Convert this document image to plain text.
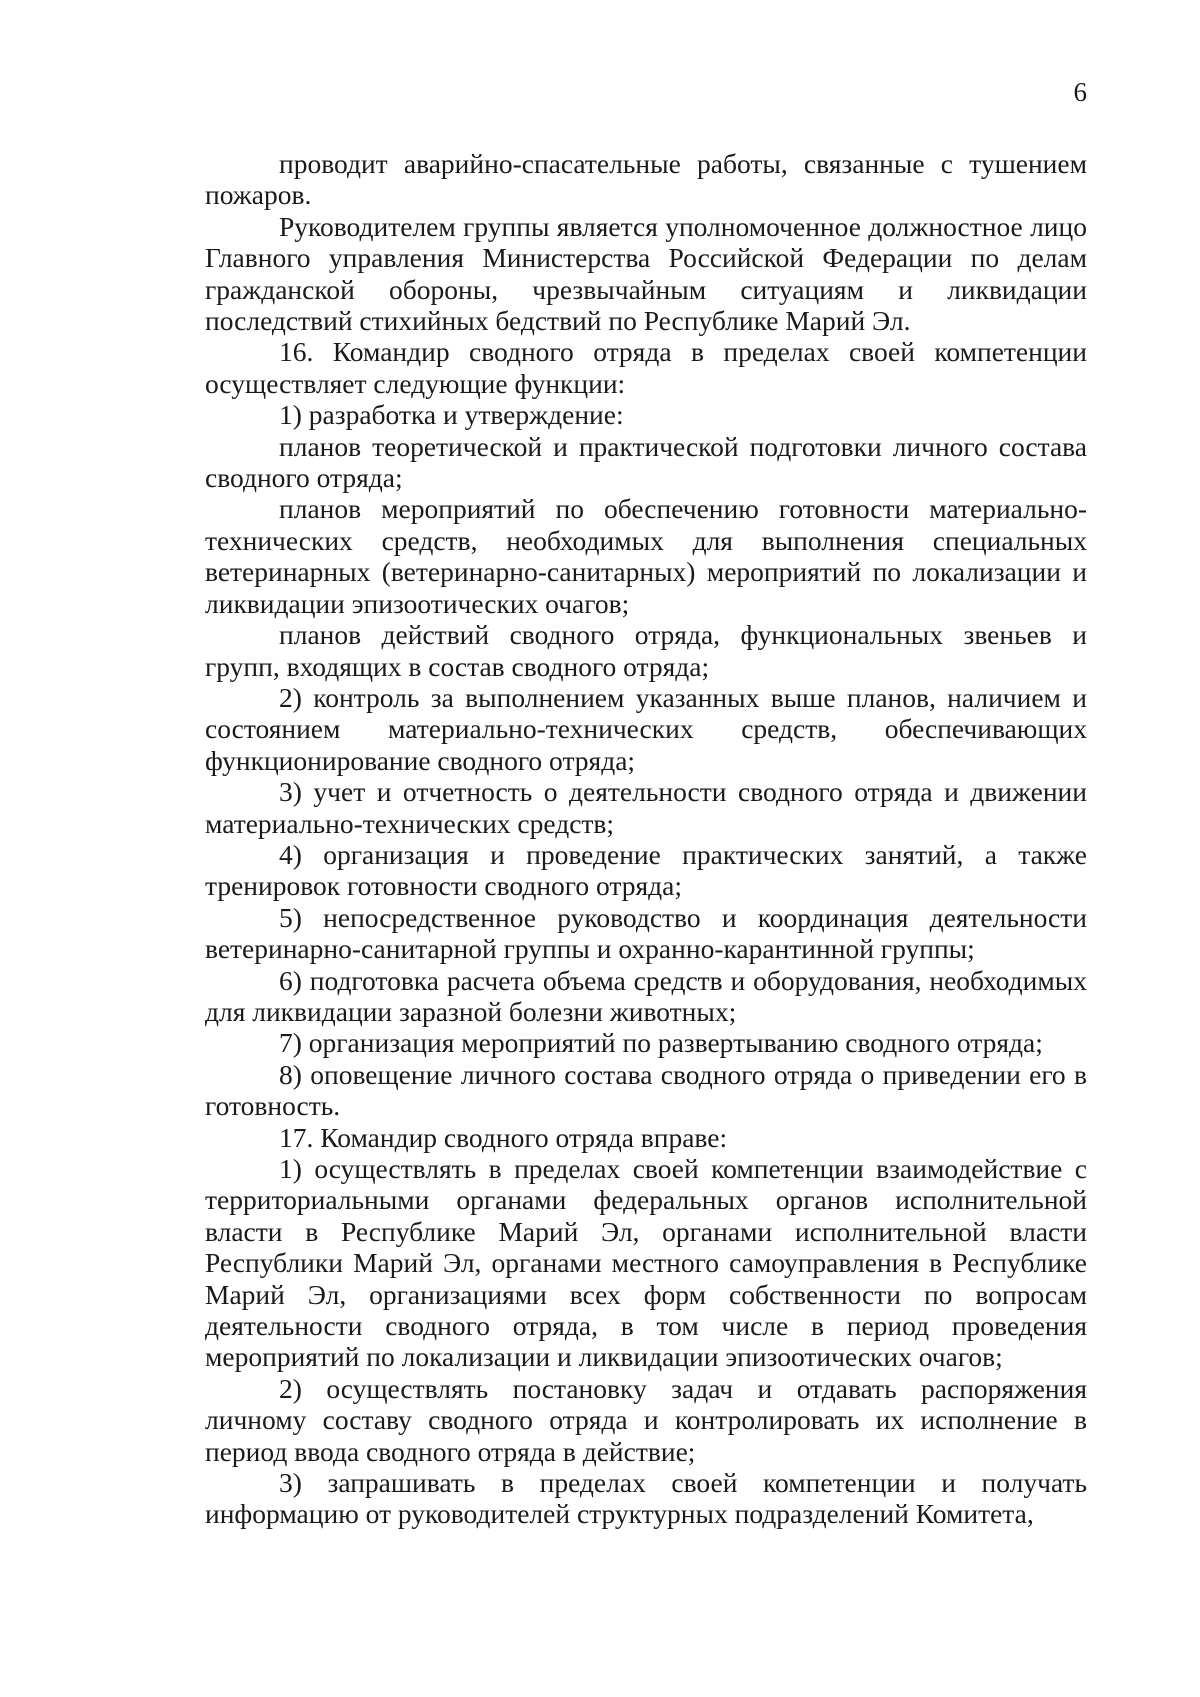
6

проводит аварийно-спасательные работы, связанные с тушением пожаров.

Руководителем группы является уполномоченное должностное лицо Главного управления Министерства Российской Федерации по делам гражданской обороны, чрезвычайным ситуациям и ликвидации последствий стихийных бедствий по Республике Марий Эл.

16. Командир сводного отряда в пределах своей компетенции осуществляет следующие функции:

1) разработка и утверждение:

планов теоретической и практической подготовки личного состава сводного отряда;

планов мероприятий по обеспечению готовности материально-технических средств, необходимых для выполнения специальных ветеринарных (ветеринарно-санитарных) мероприятий по локализации и ликвидации эпизоотических очагов;

планов действий сводного отряда, функциональных звеньев и групп, входящих в состав сводного отряда;

2) контроль за выполнением указанных выше планов, наличием и состоянием материально-технических средств, обеспечивающих функционирование сводного отряда;

3) учет и отчетность о деятельности сводного отряда и движении материально-технических средств;

4) организация и проведение практических занятий, а также тренировок готовности сводного отряда;

5) непосредственное руководство и координация деятельности ветеринарно-санитарной группы и охранно-карантинной группы;

6) подготовка расчета объема средств и оборудования, необходимых для ликвидации заразной болезни животных;

7) организация мероприятий по развертыванию сводного отряда;

8) оповещение личного состава сводного отряда о приведении его в готовность.

17. Командир сводного отряда вправе:

1) осуществлять в пределах своей компетенции взаимодействие с территориальными органами федеральных органов исполнительной власти в Республике Марий Эл, органами исполнительной власти Республики Марий Эл, органами местного самоуправления в Республике Марий Эл, организациями всех форм собственности по вопросам деятельности сводного отряда, в том числе в период проведения мероприятий по локализации и ликвидации эпизоотических очагов;

2) осуществлять постановку задач и отдавать распоряжения личному составу сводного отряда и контролировать их исполнение в период ввода сводного отряда в действие;

3) запрашивать в пределах своей компетенции и получать информацию от руководителей структурных подразделений Комитета,
